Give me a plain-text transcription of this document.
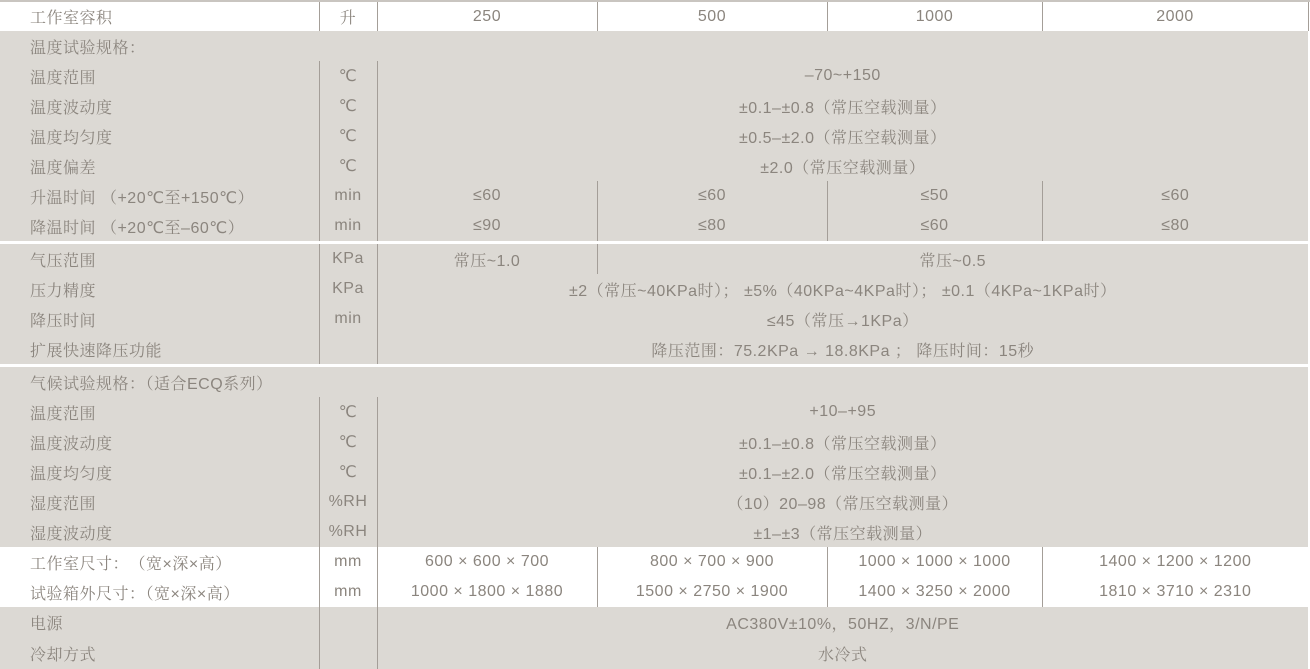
工作室容积	升	250	500	1000	2000
温度试验规格：					
温度范围	℃	–70~+150			
温度波动度	℃	±0.1–±0.8（常压空载测量）			
温度均匀度	℃	±0.5–±2.0（常压空载测量）			
温度偏差	℃	±2.0（常压空载测量）			
升温时间 （+20℃至+150℃）	min	≤60	≤60	≤50	≤60
降温时间 （+20℃至–60℃）	min	≤90	≤80	≤60	≤80

气压范围	KPa	常压~1.0	常压~0.5		
压力精度	KPa	±2（常压~40KPa时）； ±5%（40KPa~4KPa时）； ±0.1（4KPa~1KPa时）			
降压时间	min	≤45（常压→1KPa）			
扩展快速降压功能		降压范围：75.2KPa → 18.8KPa ； 降压时间：15秒			

气候试验规格：（适合ECQ系列）					
温度范围	℃	+10–+95			
温度波动度	℃	±0.1–±0.8（常压空载测量）			
温度均匀度	℃	±0.1–±2.0（常压空载测量）			
湿度范围	%RH	（10）20–98（常压空载测量）			
湿度波动度	%RH	±1–±3（常压空载测量）			
工作室尺寸：　（宽×深×高）	mm	600 × 600 × 700	800 × 700 × 900	1000 × 1000 × 1000	1400 × 1200 × 1200
试验箱外尺寸：（宽×深×高）	mm	1000 × 1800 × 1880	1500 × 2750 × 1900	1400 × 3250 × 2000	1810 × 3710 × 2310
电源		AC380V±10%，50HZ，3/N/PE			
冷却方式		水冷式			
